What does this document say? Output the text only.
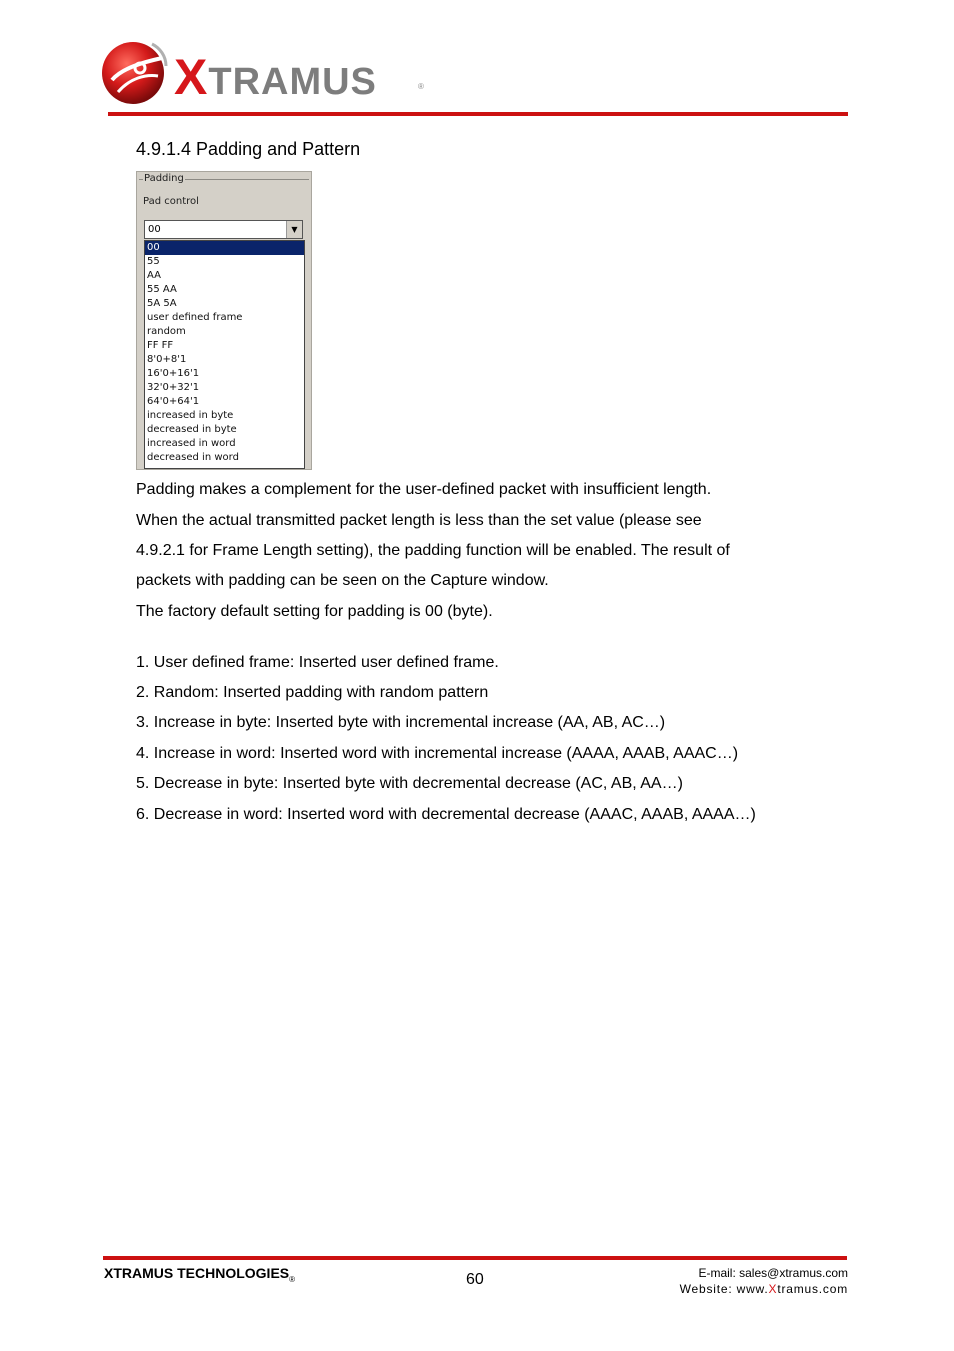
XTRAMUS	®
4.9.1.4 Padding and Pattern
Padding
Pad control
00	▼
00
55
AA
55 AA
5A 5A
user defined frame
random
FF FF
8'0+8'1
16'0+16'1
32'0+32'1
64'0+64'1
increased in byte
decreased in byte
increased in word
decreased in word
Padding makes a complement for the user-defined packet with insufficient length.
When the actual transmitted packet length is less than the set value (please see
4.9.2.1 for Frame Length setting), the padding function will be enabled. The result of
packets with padding can be seen on the Capture window.
The factory default setting for padding is 00 (byte).
1. User defined frame: Inserted user defined frame.
2. Random: Inserted padding with random pattern
3. Increase in byte: Inserted byte with incremental increase (AA, AB, AC…)
4. Increase in word: Inserted word with incremental increase (AAAA, AAAB, AAAC…)
5. Decrease in byte: Inserted byte with decremental decrease (AC, AB, AA…)
6. Decrease in word: Inserted word with decremental decrease (AAAC, AAAB, AAAA…)
XTRAMUS $TECHNOLOGIES_®$	60	E-mail: sales@xtramus.com
Website: www.Xtramus.com
